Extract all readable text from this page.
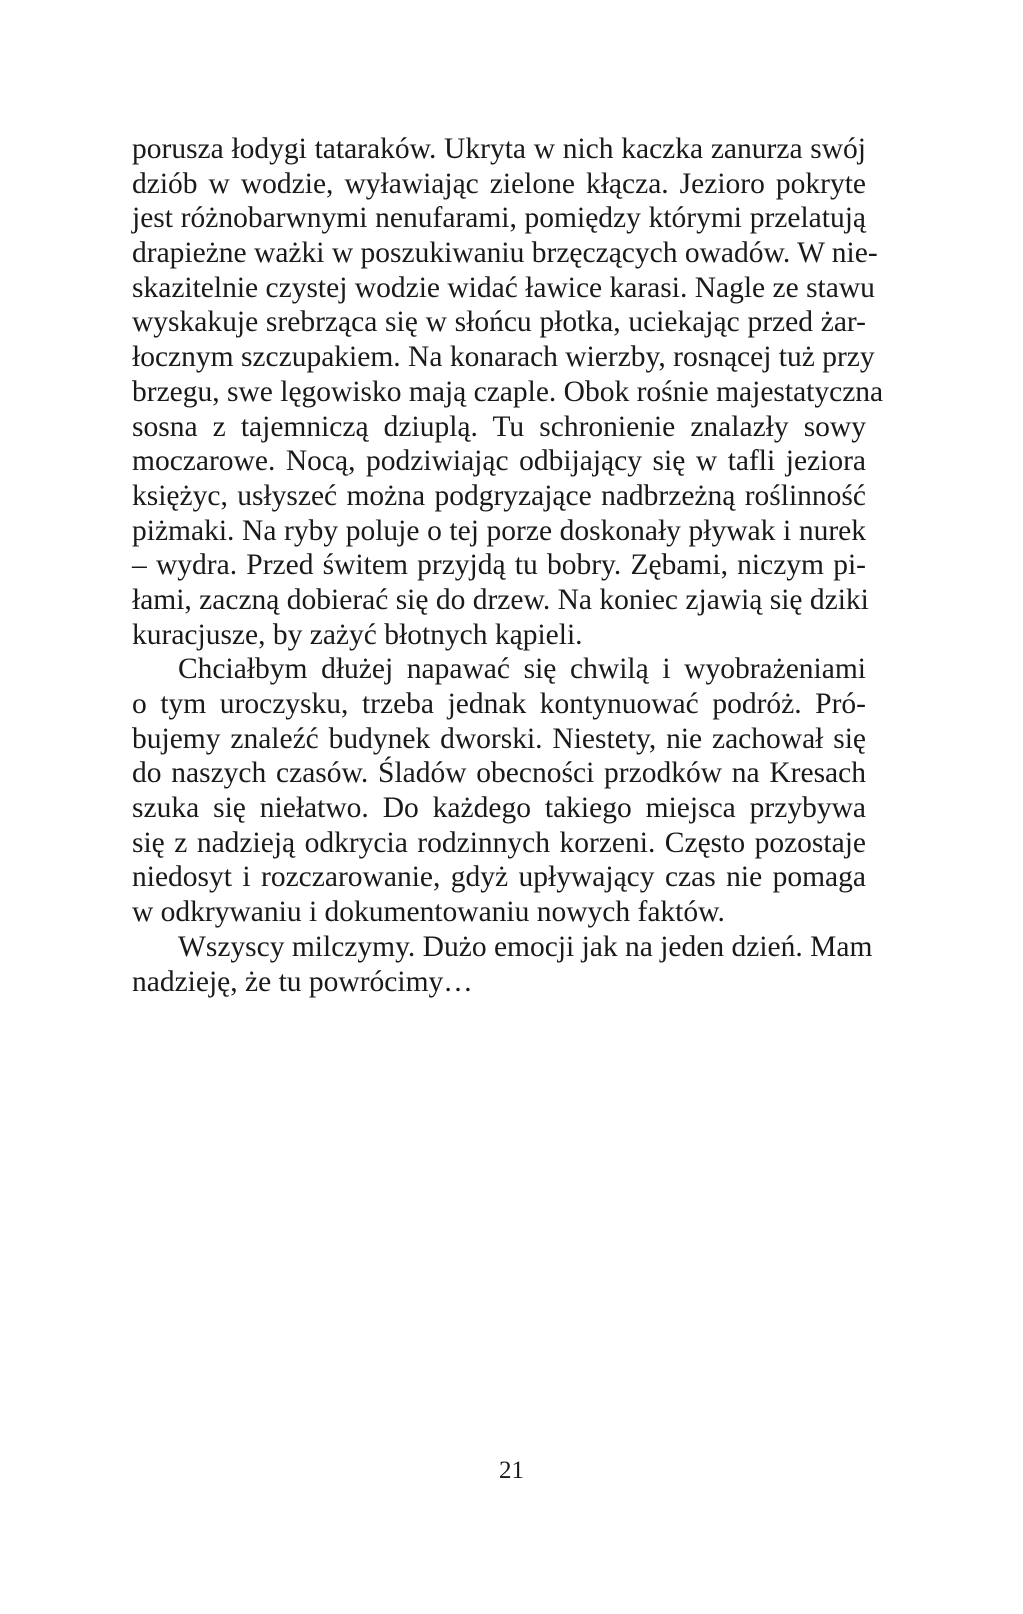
porusza łodygi tataraków. Ukryta w nich kaczka zanurza swój
dziób w wodzie, wyławiając zielone kłącza. Jezioro pokryte
jest różnobarwnymi nenufarami, pomiędzy którymi przelatują
drapieżne ważki w poszukiwaniu brzęczących owadów. W nie-
skazitelnie czystej wodzie widać ławice karasi. Nagle ze stawu
wyskakuje srebrząca się w słońcu płotka, uciekając przed żar-
łocznym szczupakiem. Na konarach wierzby, rosnącej tuż przy
brzegu, swe lęgowisko mają czaple. Obok rośnie majestatyczna
sosna z tajemniczą dziuplą. Tu schronienie znalazły sowy
moczarowe. Nocą, podziwiając odbijający się w tafli jeziora
księżyc, usłyszeć można podgryzające nadbrzeżną roślinność
piżmaki. Na ryby poluje o tej porze doskonały pływak i nurek
– wydra. Przed świtem przyjdą tu bobry. Zębami, niczym pi-
łami, zaczną dobierać się do drzew. Na koniec zjawią się dziki
kuracjusze, by zażyć błotnych kąpieli.
Chciałbym dłużej napawać się chwilą i wyobrażeniami
o tym uroczysku, trzeba jednak kontynuować podróż. Pró-
bujemy znaleźć budynek dworski. Niestety, nie zachował się
do naszych czasów. Śladów obecności przodków na Kresach
szuka się niełatwo. Do każdego takiego miejsca przybywa
się z nadzieją odkrycia rodzinnych korzeni. Często pozostaje
niedosyt i rozczarowanie, gdyż upływający czas nie pomaga
w odkrywaniu i dokumentowaniu nowych faktów.
Wszyscy milczymy. Dużo emocji jak na jeden dzień. Mam
nadzieję, że tu powrócimy…
21
